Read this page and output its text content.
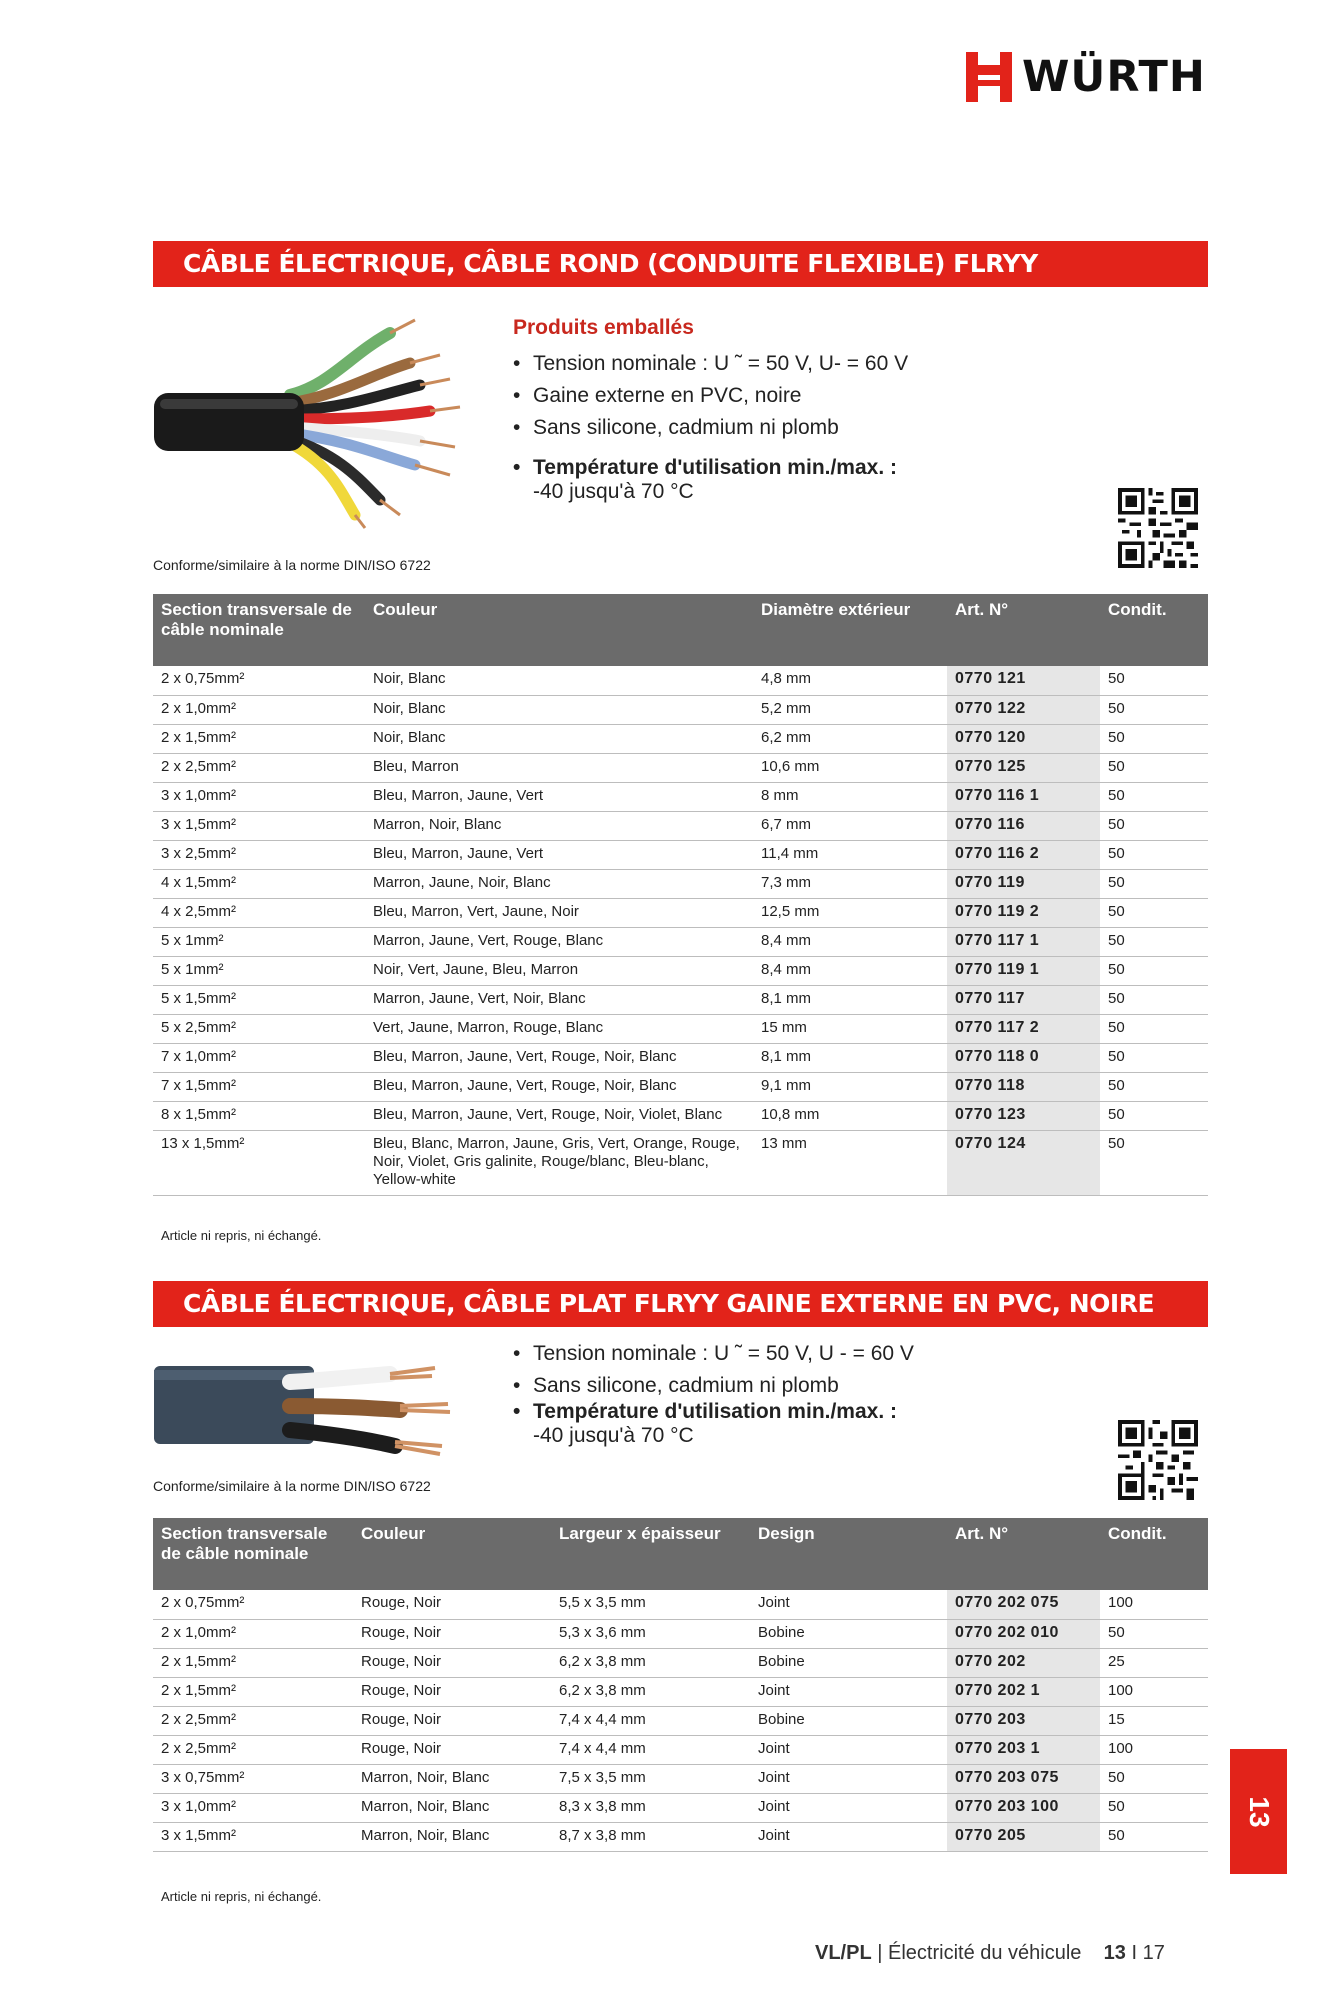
WÜRTH
CÂBLE ÉLECTRIQUE, CÂBLE ROND (CONDUITE FLEXIBLE) FLRYY
Produits emballés
• Tension nominale : U ˜ = 50 V, U- = 60 V
• Gaine externe en PVC, noire
• Sans silicone, cadmium ni plomb
• Température d'utilisation min./max. :
-40 jusqu'à 70 °C
Conforme/similaire à la norme DIN/ISO 6722
Section transversale de câble nominale	Couleur	Diamètre extérieur	Art. N°	Condit.
2 x 0,75mm²	Noir, Blanc	4,8 mm	0770 121	50
2 x 1,0mm²	Noir, Blanc	5,2 mm	0770 122	50
2 x 1,5mm²	Noir, Blanc	6,2 mm	0770 120	50
2 x 2,5mm²	Bleu, Marron	10,6 mm	0770 125	50
3 x 1,0mm²	Bleu, Marron, Jaune, Vert	8 mm	0770 116 1	50
3 x 1,5mm²	Marron, Noir, Blanc	6,7 mm	0770 116	50
3 x 2,5mm²	Bleu, Marron, Jaune, Vert	11,4 mm	0770 116 2	50
4 x 1,5mm²	Marron, Jaune, Noir, Blanc	7,3 mm	0770 119	50
4 x 2,5mm²	Bleu, Marron, Vert, Jaune, Noir	12,5 mm	0770 119 2	50
5 x 1mm²	Marron, Jaune, Vert, Rouge, Blanc	8,4 mm	0770 117 1	50
5 x 1mm²	Noir, Vert, Jaune, Bleu, Marron	8,4 mm	0770 119 1	50
5 x 1,5mm²	Marron, Jaune, Vert, Noir, Blanc	8,1 mm	0770 117	50
5 x 2,5mm²	Vert, Jaune, Marron, Rouge, Blanc	15 mm	0770 117 2	50
7 x 1,0mm²	Bleu, Marron, Jaune, Vert, Rouge, Noir, Blanc	8,1 mm	0770 118 0	50
7 x 1,5mm²	Bleu, Marron, Jaune, Vert, Rouge, Noir, Blanc	9,1 mm	0770 118	50
8 x 1,5mm²	Bleu, Marron, Jaune, Vert, Rouge, Noir, Violet, Blanc	10,8 mm	0770 123	50
13 x 1,5mm²	Bleu, Blanc, Marron, Jaune, Gris, Vert, Orange, Rouge, Noir, Violet, Gris galinite, Rouge/blanc, Bleu-blanc, Yellow-white	13 mm	0770 124	50
Article ni repris, ni échangé.
CÂBLE ÉLECTRIQUE, CÂBLE PLAT FLRYY GAINE EXTERNE EN PVC, NOIRE
• Tension nominale : U ˜ = 50 V, U - = 60 V
• Sans silicone, cadmium ni plomb
• Température d'utilisation min./max. :
-40 jusqu'à 70 °C
Conforme/similaire à la norme DIN/ISO 6722
Section transversale de câble nominale	Couleur	Largeur x épaisseur	Design	Art. N°	Condit.
2 x 0,75mm²	Rouge, Noir	5,5 x 3,5 mm	Joint	0770 202 075	100
2 x 1,0mm²	Rouge, Noir	5,3 x 3,6 mm	Bobine	0770 202 010	50
2 x 1,5mm²	Rouge, Noir	6,2 x 3,8 mm	Bobine	0770 202	25
2 x 1,5mm²	Rouge, Noir	6,2 x 3,8 mm	Joint	0770 202 1	100
2 x 2,5mm²	Rouge, Noir	7,4 x 4,4 mm	Bobine	0770 203	15
2 x 2,5mm²	Rouge, Noir	7,4 x 4,4 mm	Joint	0770 203 1	100
3 x 0,75mm²	Marron, Noir, Blanc	7,5 x 3,5 mm	Joint	0770 203 075	50
3 x 1,0mm²	Marron, Noir, Blanc	8,3 x 3,8 mm	Joint	0770 203 100	50
3 x 1,5mm²	Marron, Noir, Blanc	8,7 x 3,8 mm	Joint	0770 205	50
Article ni repris, ni échangé.
13
VL/PL | Électricité du véhicule 13 I 17
